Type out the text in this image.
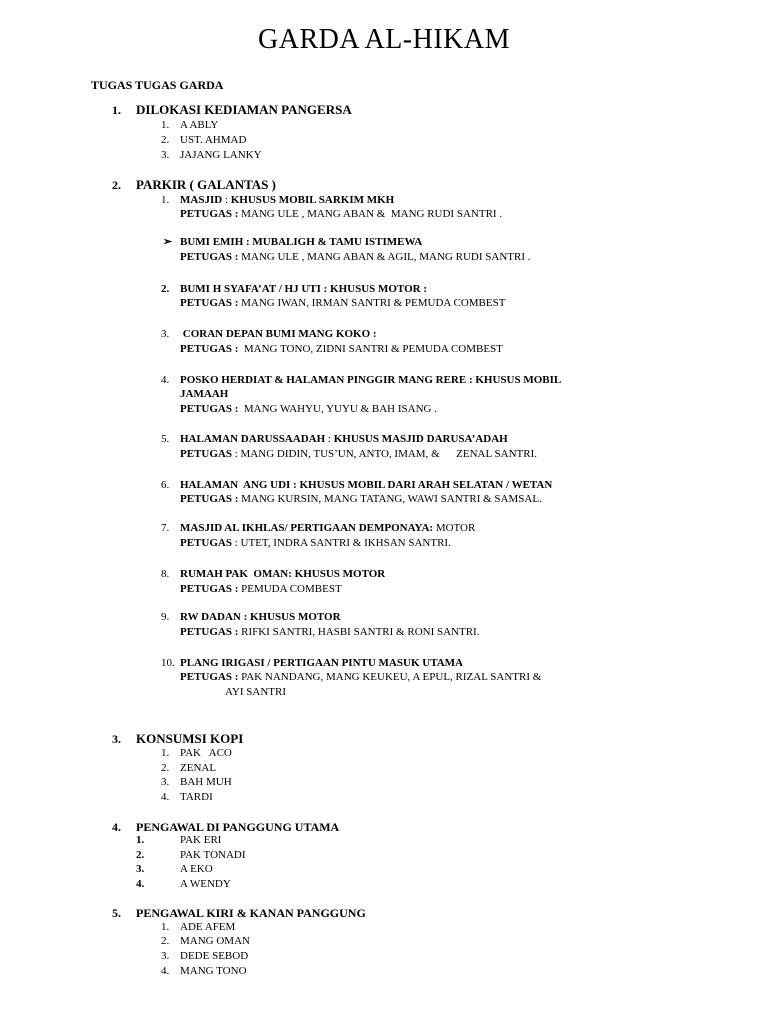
GARDA AL-HIKAM
TUGAS TUGAS GARDA
1. DILOKASI KEDIAMAN PANGERSA
1. A ABLY
2. UST. AHMAD
3. JAJANG LANKY
2. PARKIR ( GALANTAS )
1. MASJID : KHUSUS MOBIL SARKIM MKH
PETUGAS : MANG ULE , MANG ABAN &  MANG RUDI SANTRI .
➢ BUMI EMIH : MUBALIGH & TAMU ISTIMEWA
PETUGAS : MANG ULE , MANG ABAN & AGIL, MANG RUDI SANTRI .
2. BUMI H SYAFA’AT / HJ UTI : KHUSUS MOTOR :
PETUGAS : MANG IWAN, IRMAN SANTRI & PEMUDA COMBEST
3. CORAN DEPAN BUMI MANG KOKO :
PETUGAS :  MANG TONO, ZIDNI SANTRI & PEMUDA COMBEST
4. POSKO HERDIAT & HALAMAN PINGGIR MANG RERE : KHUSUS MOBIL
JAMAAH
PETUGAS :  MANG WAHYU, YUYU & BAH ISANG .
5. HALAMAN DARUSSAADAH : KHUSUS MASJID DARUSA’ADAH
PETUGAS : MANG DIDIN, TUS’UN, ANTO, IMAM, &      ZENAL SANTRI.
6. HALAMAN  ANG UDI : KHUSUS MOBIL DARI ARAH SELATAN / WETAN
PETUGAS : MANG KURSIN, MANG TATANG, WAWI SANTRI & SAMSAL.
7. MASJID AL IKHLAS/ PERTIGAAN DEMPONAYA: MOTOR
PETUGAS : UTET, INDRA SANTRI & IKHSAN SANTRI.
8. RUMAH PAK  OMAN: KHUSUS MOTOR
PETUGAS : PEMUDA COMBEST
9. RW DADAN : KHUSUS MOTOR
PETUGAS : RIFKI SANTRI, HASBI SANTRI & RONI SANTRI.
10. PLANG IRIGASI / PERTIGAAN PINTU MASUK UTAMA
PETUGAS : PAK NANDANG, MANG KEUKEU, A EPUL, RIZAL SANTRI &
AYI SANTRI
3. KONSUMSI KOPI
1. PAK   ACO
2. ZENAL
3. BAH MUH
4. TARDI
4. PENGAWAL DI PANGGUNG UTAMA
1.	PAK ERI
2.	PAK TONADI
3.	A EKO
4.	A WENDY
5. PENGAWAL KIRI & KANAN PANGGUNG
1. ADE AFEM
2. MANG OMAN
3. DEDE SEBOD
4. MANG TONO
